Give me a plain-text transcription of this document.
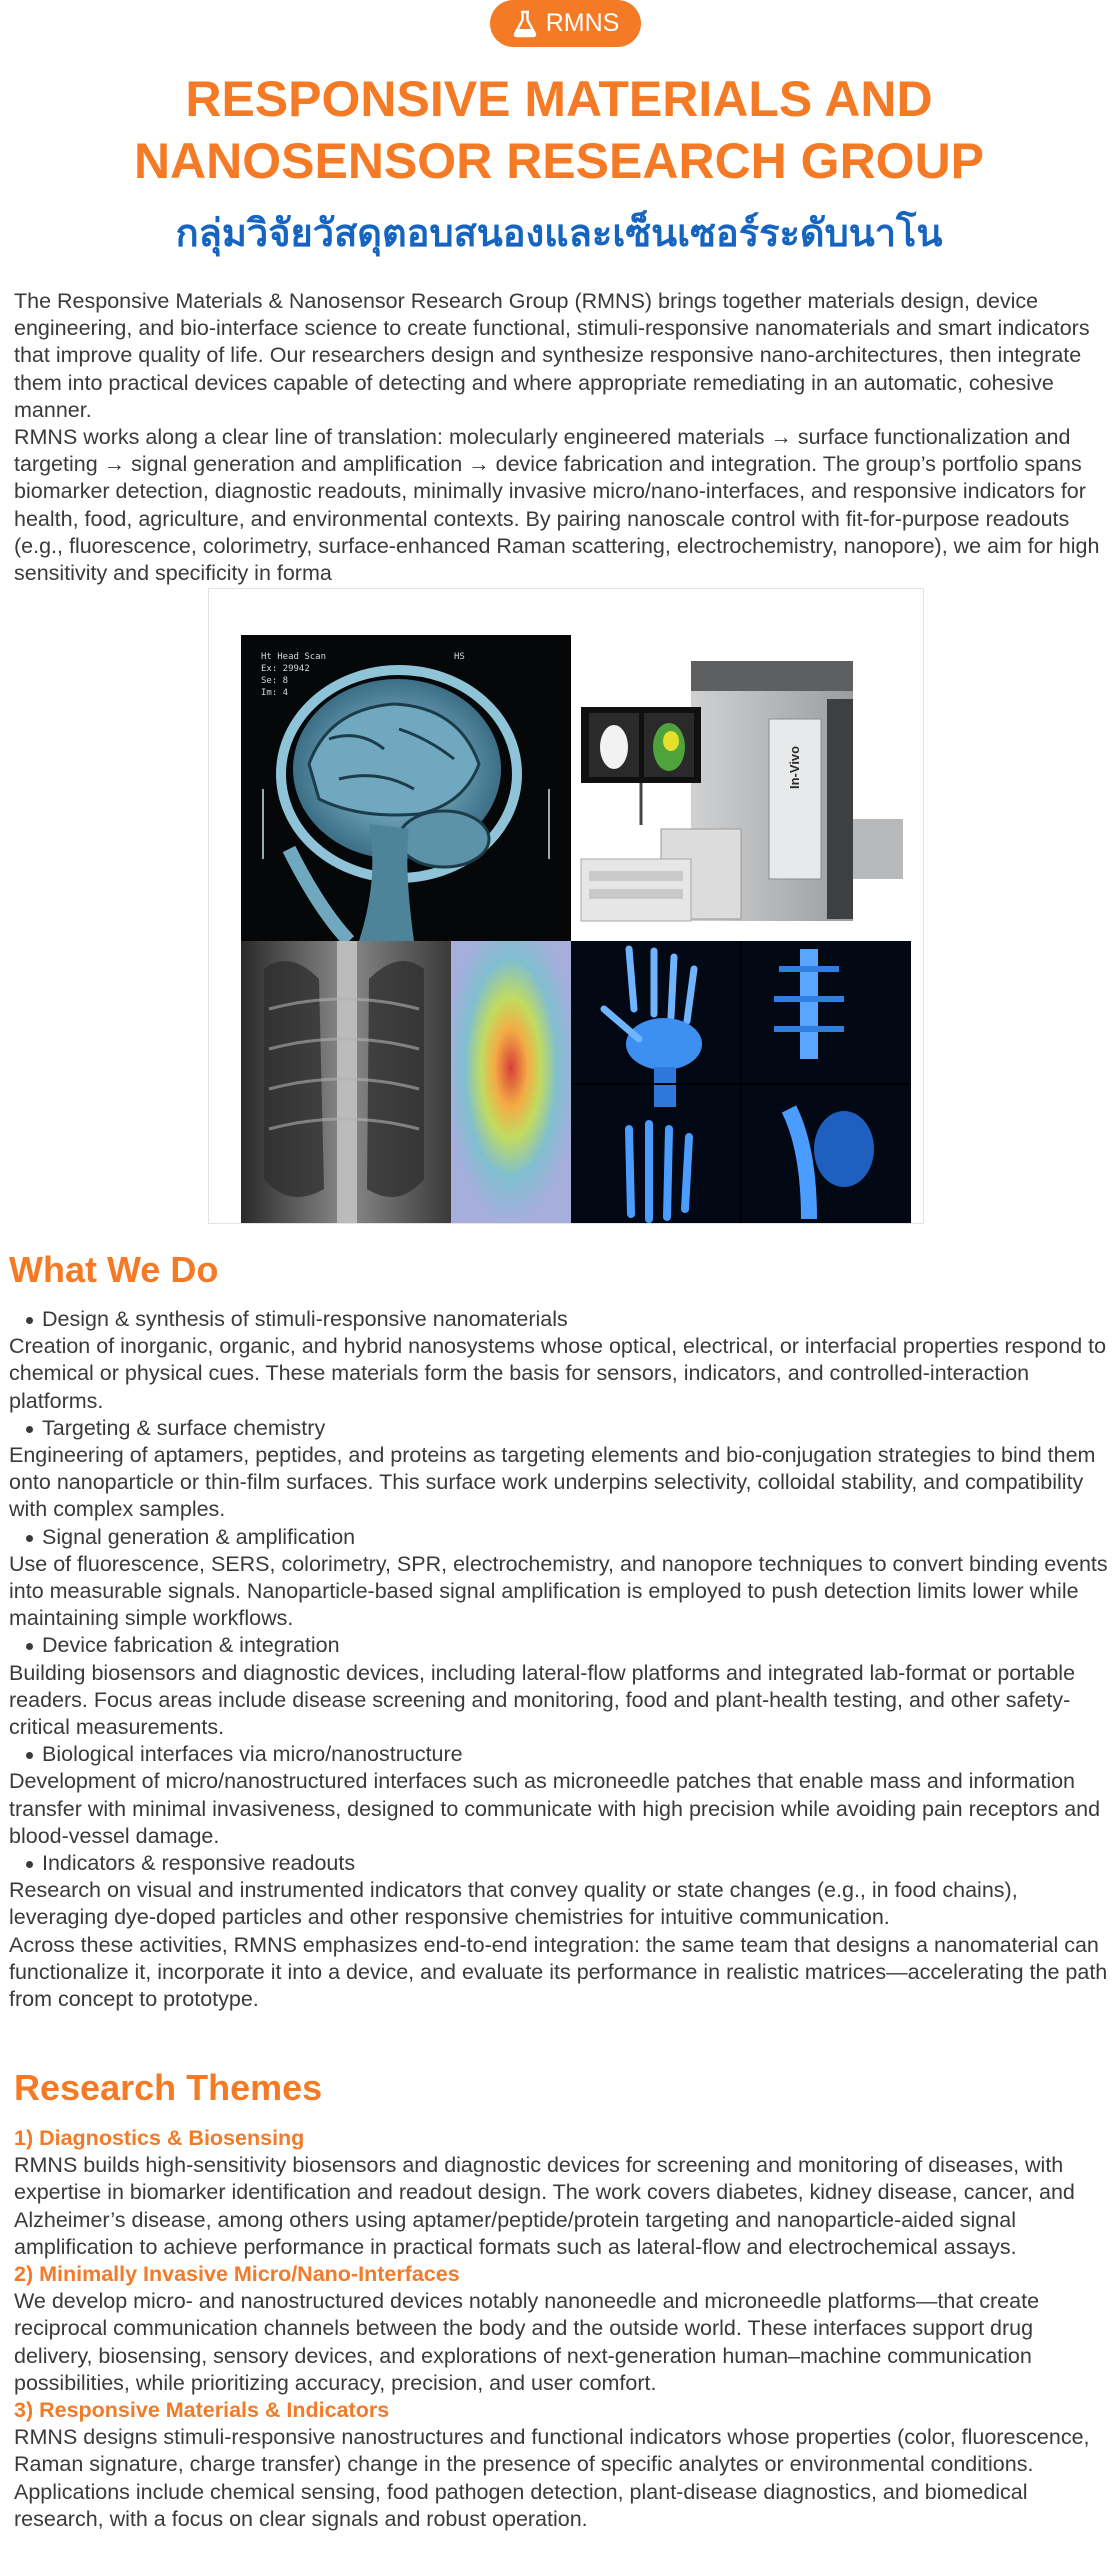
RMNS
RESPONSIVE MATERIALS AND
NANOSENSOR RESEARCH GROUP
กลุ่มวิจัยวัสดุตอบสนองและเซ็นเซอร์ระดับนาโน

The Responsive Materials & Nanosensor Research Group (RMNS) brings together materials design, device engineering, and bio-interface science to create functional, stimuli-responsive nanomaterials and smart indicators that improve quality of life. Our researchers design and synthesize responsive nano-architectures, then integrate them into practical devices capable of detecting and where appropriate remediating in an automatic, cohesive manner.

RMNS works along a clear line of translation: molecularly engineered materials → surface functionalization and targeting → signal generation and amplification → device fabrication and integration. The group’s portfolio spans biomarker detection, diagnostic readouts, minimally invasive micro/nano-interfaces, and responsive indicators for health, food, agriculture, and environmental contexts. By pairing nanoscale control with fit-for-purpose readouts (e.g., fluorescence, colorimetry, surface-enhanced Raman scattering, electrochemistry, nanopore), we aim for high sensitivity and specificity in forma

Ht Head Scan
Ex: 29942
Se: 8
Im: 4
HS
In-Vivo
What We Do
Design & synthesis of stimuli-responsive nanomaterials

Creation of inorganic, organic, and hybrid nanosystems whose optical, electrical, or interfacial properties respond to chemical or physical cues. These materials form the basis for sensors, indicators, and controlled-interaction platforms.

Targeting & surface chemistry

Engineering of aptamers, peptides, and proteins as targeting elements and bio-conjugation strategies to bind them onto nanoparticle or thin-film surfaces. This surface work underpins selectivity, colloidal stability, and compatibility with complex samples.

Signal generation & amplification

Use of fluorescence, SERS, colorimetry, SPR, electrochemistry, and nanopore techniques to convert binding events into measurable signals. Nanoparticle-based signal amplification is employed to push detection limits lower while maintaining simple workflows.

Device fabrication & integration

Building biosensors and diagnostic devices, including lateral-flow platforms and integrated lab-format or portable readers. Focus areas include disease screening and monitoring, food and plant-health testing, and other safety-critical measurements.

Biological interfaces via micro/nanostructure

Development of micro/nanostructured interfaces such as microneedle patches that enable mass and information transfer with minimal invasiveness, designed to communicate with high precision while avoiding pain receptors and blood-vessel damage.

Indicators & responsive readouts

Research on visual and instrumented indicators that convey quality or state changes (e.g., in food chains), leveraging dye-doped particles and other responsive chemistries for intuitive communication.

Across these activities, RMNS emphasizes end-to-end integration: the same team that designs a nanomaterial can functionalize it, incorporate it into a device, and evaluate its performance in realistic matrices—accelerating the path from concept to prototype.

Research Themes
1) Diagnostics & Biosensing

RMNS builds high-sensitivity biosensors and diagnostic devices for screening and monitoring of diseases, with expertise in biomarker identification and readout design. The work covers diabetes, kidney disease, cancer, and Alzheimer’s disease, among others using aptamer/peptide/protein targeting and nanoparticle-aided signal amplification to achieve performance in practical formats such as lateral-flow and electrochemical assays.

2) Minimally Invasive Micro/Nano-Interfaces

We develop micro- and nanostructured devices notably nanoneedle and microneedle platforms—that create reciprocal communication channels between the body and the outside world. These interfaces support drug delivery, biosensing, sensory devices, and explorations of next-generation human–machine communication possibilities, while prioritizing accuracy, precision, and user comfort.

3) Responsive Materials & Indicators

RMNS designs stimuli-responsive nanostructures and functional indicators whose properties (color, fluorescence, Raman signature, charge transfer) change in the presence of specific analytes or environmental conditions. Applications include chemical sensing, food pathogen detection, plant-disease diagnostics, and biomedical research, with a focus on clear signals and robust operation.
